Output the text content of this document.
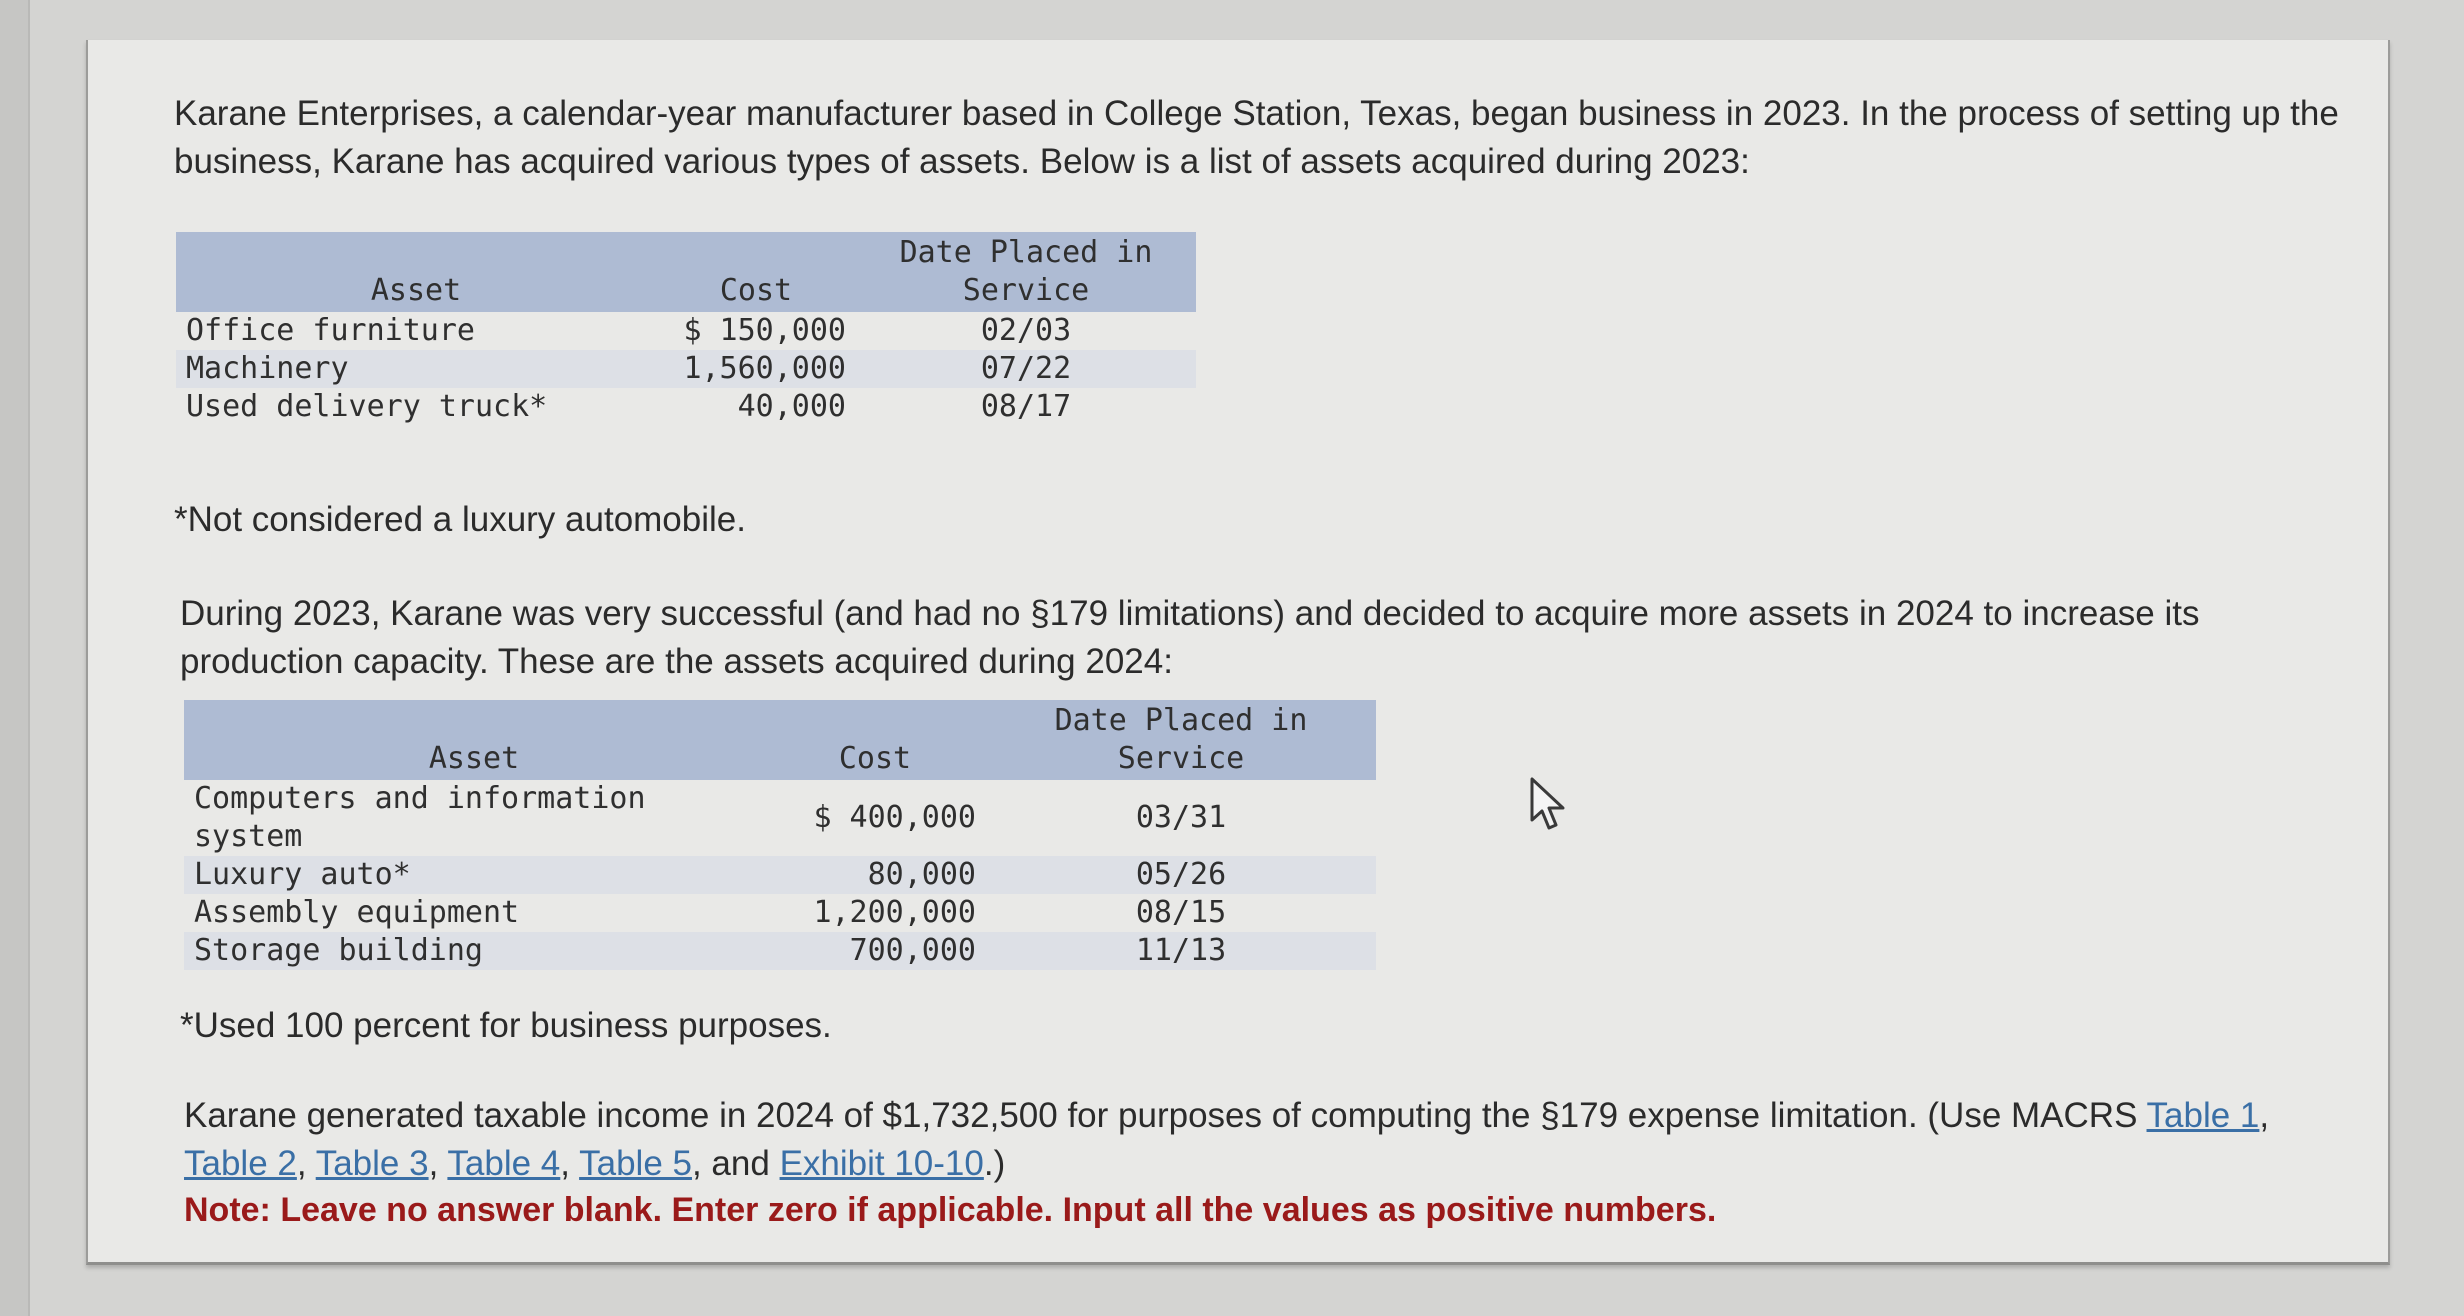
Karane Enterprises, a calendar-year manufacturer based in College Station, Texas, began business in 2023. In the process of setting up the business, Karane has acquired various types of assets. Below is a list of assets acquired during 2023:

Asset	Cost	Date Placed in
Service
Office furniture	$ 150,000	02/03
Machinery	1,560,000	07/22
Used delivery truck*	40,000	08/17

*Not considered a luxury automobile.

During 2023, Karane was very successful (and had no §179 limitations) and decided to acquire more assets in 2024 to increase its production capacity. These are the assets acquired during 2024:

Asset	Cost	Date Placed in
Service
Computers and information system	$ 400,000	03/31
Luxury auto*	80,000	05/26
Assembly equipment	1,200,000	08/15
Storage building	700,000	11/13

*Used 100 percent for business purposes.

Karane generated taxable income in 2024 of $1,732,500 for purposes of computing the §179 expense limitation. (Use MACRS Table 1, Table 2, Table 3, Table 4, Table 5, and Exhibit 10-10.)

Note: Leave no answer blank. Enter zero if applicable. Input all the values as positive numbers.
